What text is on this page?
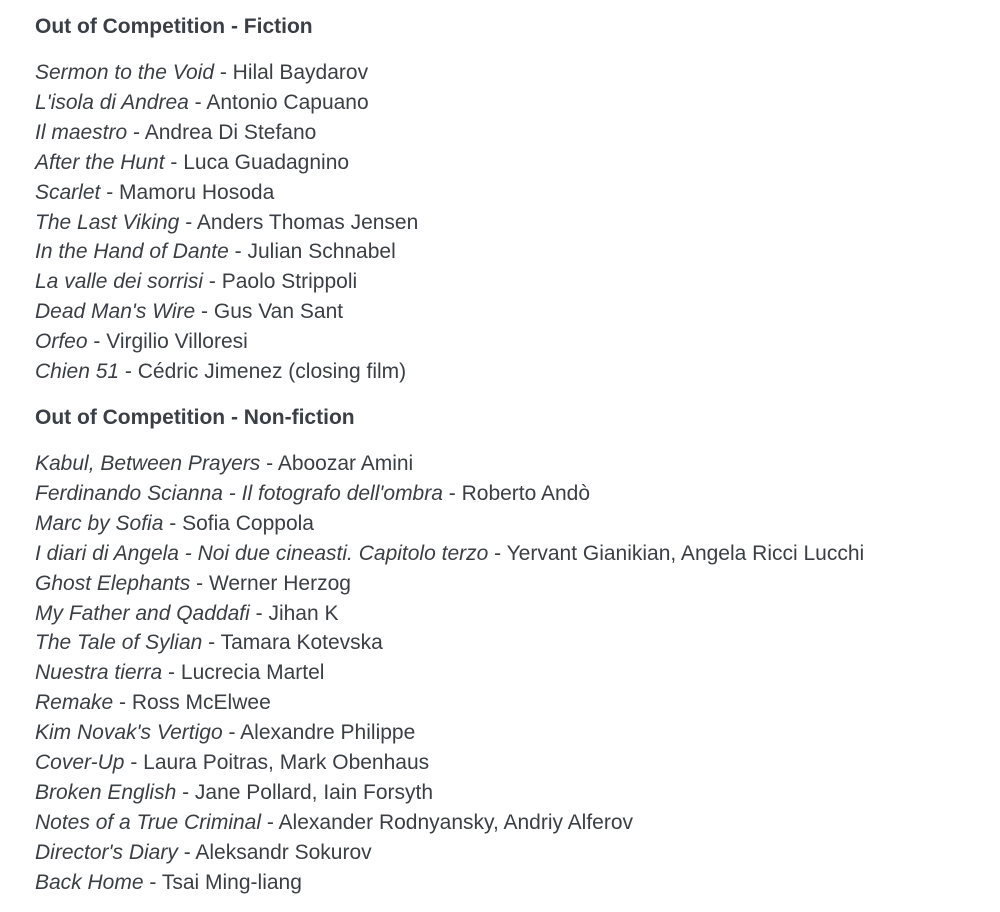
Out of Competition - Fiction
Sermon to the Void - Hilal Baydarov
L'isola di Andrea - Antonio Capuano
Il maestro - Andrea Di Stefano
After the Hunt - Luca Guadagnino
Scarlet - Mamoru Hosoda
The Last Viking - Anders Thomas Jensen
In the Hand of Dante - Julian Schnabel
La valle dei sorrisi - Paolo Strippoli
Dead Man's Wire - Gus Van Sant
Orfeo - Virgilio Villoresi
Chien 51 - Cédric Jimenez (closing film)
Out of Competition - Non-fiction
Kabul, Between Prayers - Aboozar Amini
Ferdinando Scianna - Il fotografo dell'ombra - Roberto Andò
Marc by Sofia - Sofia Coppola
I diari di Angela - Noi due cineasti. Capitolo terzo - Yervant Gianikian, Angela Ricci Lucchi
Ghost Elephants - Werner Herzog
My Father and Qaddafi - Jihan K
The Tale of Sylian - Tamara Kotevska
Nuestra tierra - Lucrecia Martel
Remake - Ross McElwee
Kim Novak's Vertigo - Alexandre Philippe
Cover-Up - Laura Poitras, Mark Obenhaus
Broken English - Jane Pollard, Iain Forsyth
Notes of a True Criminal - Alexander Rodnyansky, Andriy Alferov
Director's Diary - Aleksandr Sokurov
Back Home - Tsai Ming-liang
